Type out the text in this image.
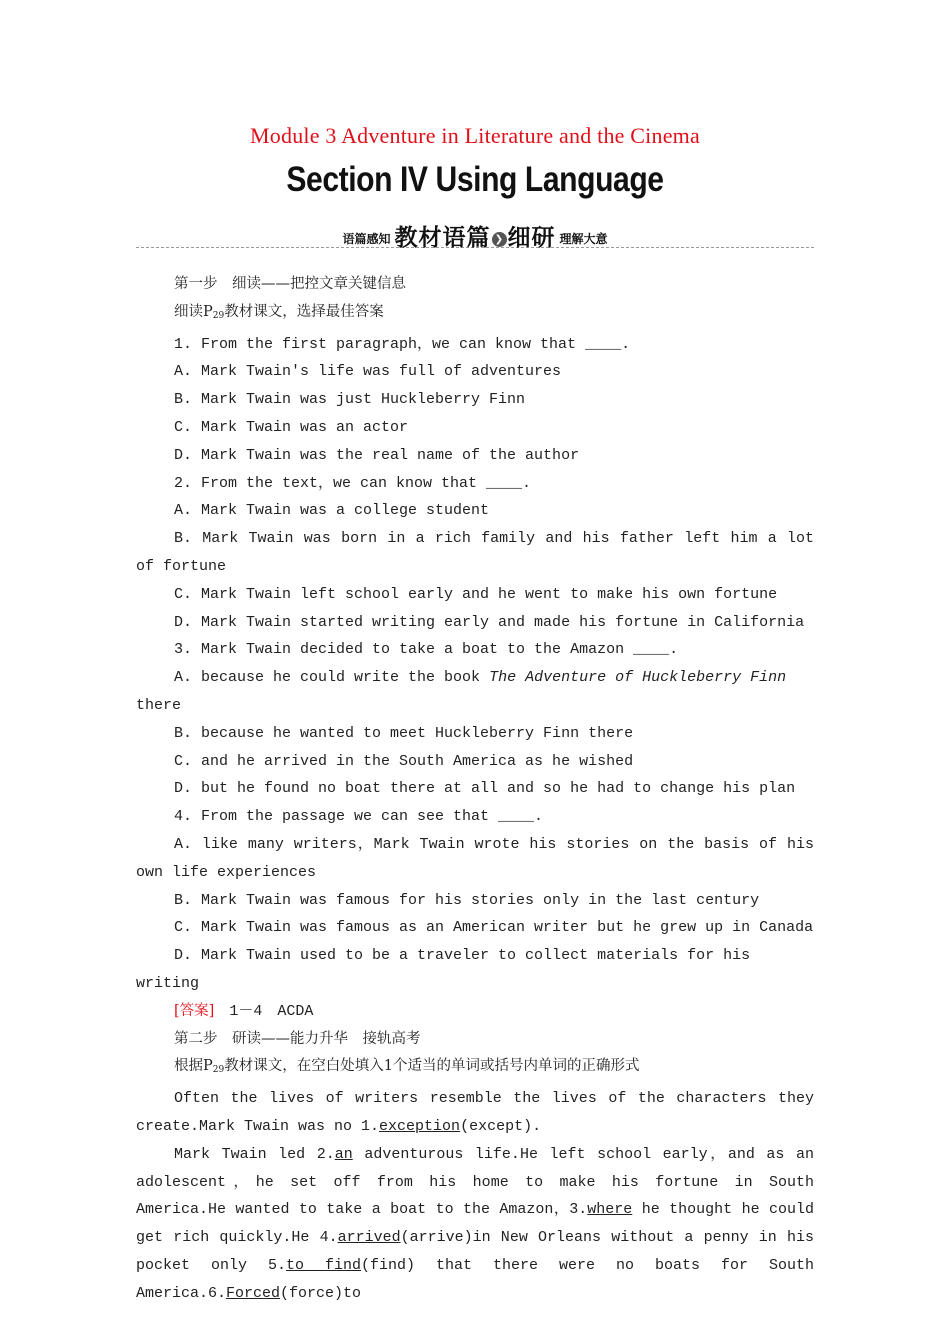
Module 3 Adventure in Literature and the Cinema
Section IV Using Language
语篇感知 教材语篇 ❯ 细研 理解大意

第一步　细读——把控文章关键信息

细读$P_{29}$教材课文，选择最佳答案

1. From the first paragraph，we can know that ____.

A. Mark Twain's life was full of adventures

B. Mark Twain was just Huckleberry Finn

C. Mark Twain was an actor

D. Mark Twain was the real name of the author

2. From the text，we can know that ____.

A. Mark Twain was a college student

B. Mark Twain was born in a rich family and his father left him a lot of fortune

C. Mark Twain left school early and he went to make his own fortune

D. Mark Twain started writing early and made his fortune in California

3. Mark Twain decided to take a boat to the Amazon ____.

A. because he could write the book The Adventure of Huckleberry Finn there

B. because he wanted to meet Huckleberry Finn there

C. and he arrived in the South America as he wished

D. but he found no boat there at all and so he had to change his plan

4. From the passage we can see that ____.

A. like many writers，Mark Twain wrote his stories on the basis of his own life experiences

B. Mark Twain was famous for his stories only in the last century

C. Mark Twain was famous as an American writer but he grew up in Canada

D. Mark Twain used to be a traveler to collect materials for his writing

[答案]　 1－4　ACDA

第二步　研读——能力升华　接轨高考

根据$P_{29}$教材课文，在空白处填入1个适当的单词或括号内单词的正确形式

Often the lives of writers resemble the lives of the characters they create.Mark Twain was no 1.exception(except).

Mark Twain led 2.an adventurous life.He left school early，and as an adolescent，he set off from his home to make his fortune in South America.He wanted to take a boat to the Amazon，3.where he thought he could get rich quickly.He 4.arrived(arrive)in New Orleans without a penny in his pocket only 5.to find(find) that there were no boats for South America.6.Forced(force)to
